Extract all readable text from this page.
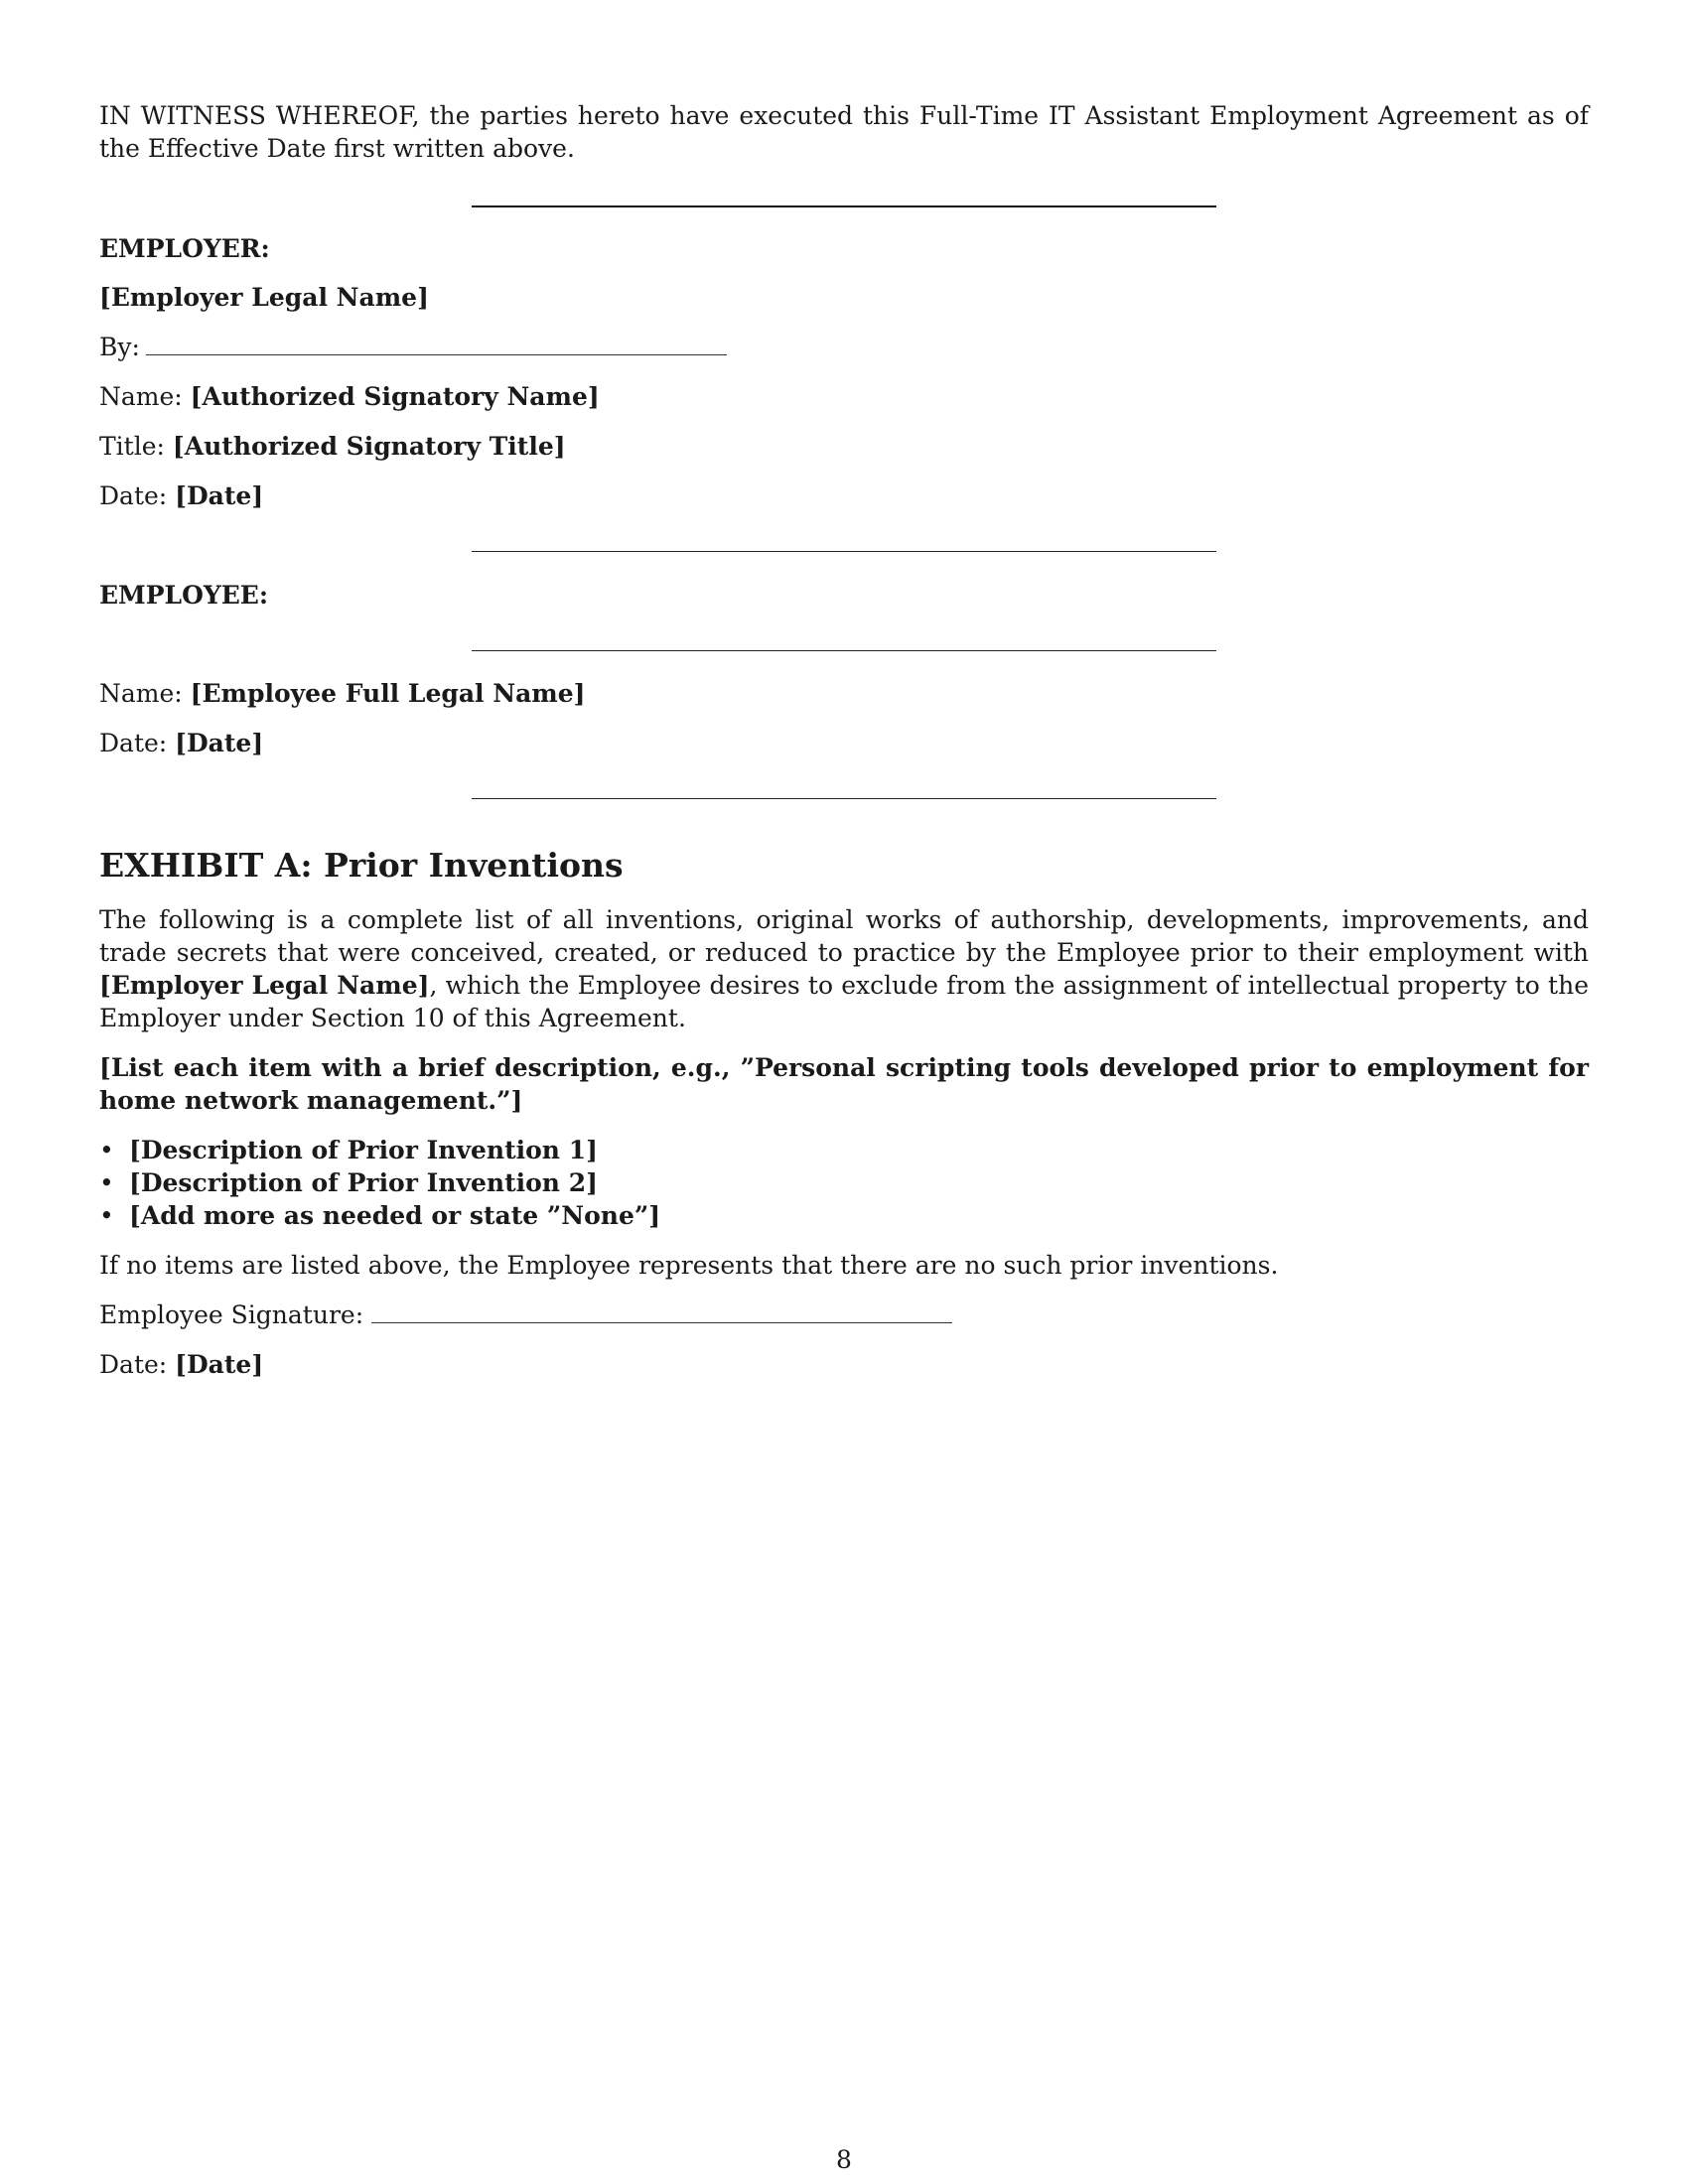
IN WITNESS WHEREOF, the parties hereto have executed this Full-Time IT Assistant Employment Agreement as of the Effective Date first written above.

EMPLOYER:
[Employer Legal Name]
By:
Name: [Authorized Signatory Name]
Title: [Authorized Signatory Title]
Date: [Date]
EMPLOYEE:
Name: [Employee Full Legal Name]
Date: [Date]
EXHIBIT A: Prior Inventions

The following is a complete list of all inventions, original works of authorship, developments, improvements, and trade secrets that were conceived, created, or reduced to practice by the Employee prior to their employment with [Employer Legal Name], which the Employee desires to exclude from the assignment of intellectual property to the Employer under Section 10 of this Agreement.

[List each item with a brief description, e.g., ”Personal scripting tools developed prior to employment for home network management.”]

• [Description of Prior Invention 1]
• [Description of Prior Invention 2]
• [Add more as needed or state ”None”]

If no items are listed above, the Employee represents that there are no such prior inventions.

Employee Signature:
Date: [Date]
8
